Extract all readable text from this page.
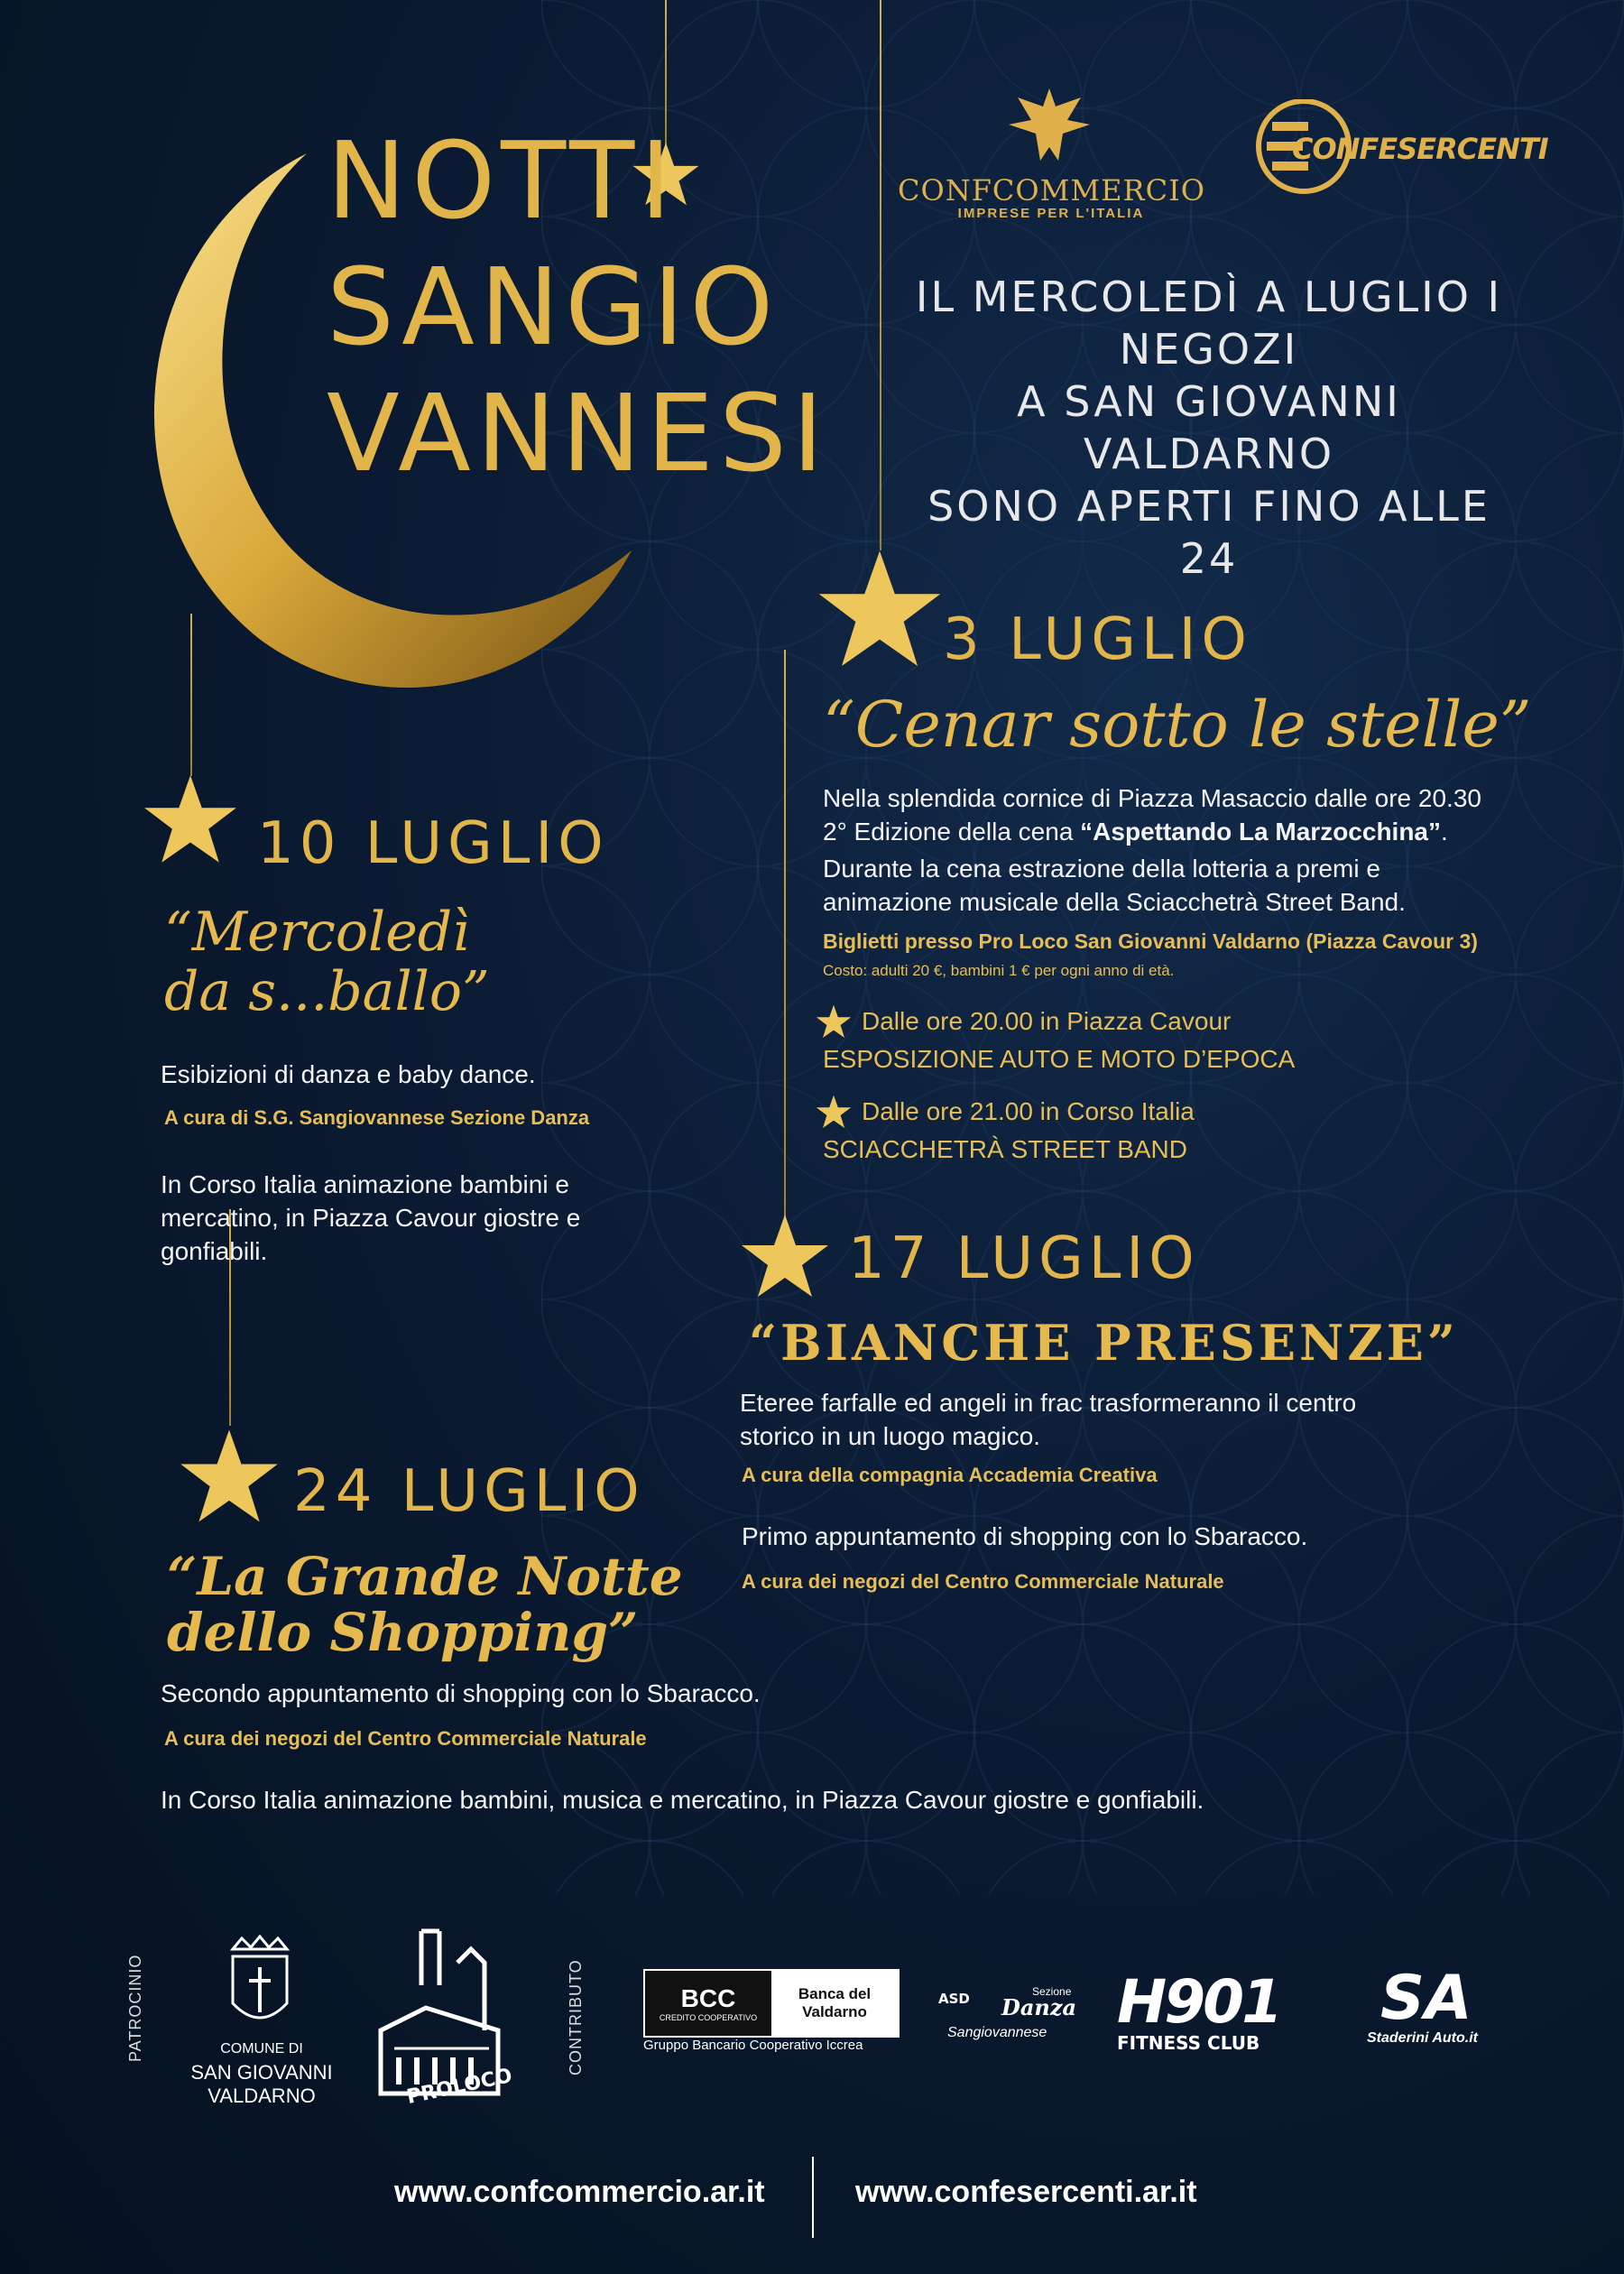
NOTTI
SANGIO
VANNESI
CONFCOMMERCIO
IMPRESE PER L'ITALIA
CONFESERCENTI
IL MERCOLEDÌ A LUGLIO I NEGOZI
A SAN GIOVANNI VALDARNO
SONO APERTI FINO ALLE 24
3 LUGLIO
“Cenar sotto le stelle”
Nella splendida cornice di Piazza Masaccio dalle ore 20.30
2° Edizione della cena “Aspettando La Marzocchina”.
Durante la cena estrazione della lotteria a premi e
animazione musicale della Sciacchetrà Street Band.
Biglietti presso Pro Loco San Giovanni Valdarno (Piazza Cavour 3)
Costo: adulti 20 €, bambini 1 € per ogni anno di età.
Dalle ore 20.00 in Piazza Cavour
ESPOSIZIONE AUTO E MOTO D’EPOCA
Dalle ore 21.00 in Corso Italia
SCIACCHETRÀ STREET BAND
10 LUGLIO
“Mercoledì
da s...ballo”
Esibizioni di danza e baby dance.
A cura di S.G. Sangiovannese Sezione Danza
In Corso Italia animazione bambini e
mercatino, in Piazza Cavour giostre e
gonfiabili.	17 LUGLIO
“BIANCHE PRESENZE”
Eteree farfalle ed angeli in frac trasformeranno il centro
storico in un luogo magico.
A cura della compagnia Accademia Creativa
Primo appuntamento di shopping con lo Sbaracco.
A cura dei negozi del Centro Commerciale Naturale
24 LUGLIO
“La Grande Notte
dello Shopping”
Secondo appuntamento di shopping con lo Sbaracco.
A cura dei negozi del Centro Commerciale Naturale
In Corso Italia animazione bambini, musica e mercatino, in Piazza Cavour giostre e gonfiabili.
PATROCINIO	COMUNE DI
SAN GIOVANNI
VALDARNO	PROLOCO
CONTRIBUTO	BCC
CREDITO COOPERATIVO
Banca del
Valdarno
Gruppo Bancario Cooperativo Iccrea
ASD	Sezione
Danza
Sangiovannese H901
FITNESS CLUB
SA
Staderini Auto.it
www.confcommercio.ar.it	www.confesercenti.ar.it
